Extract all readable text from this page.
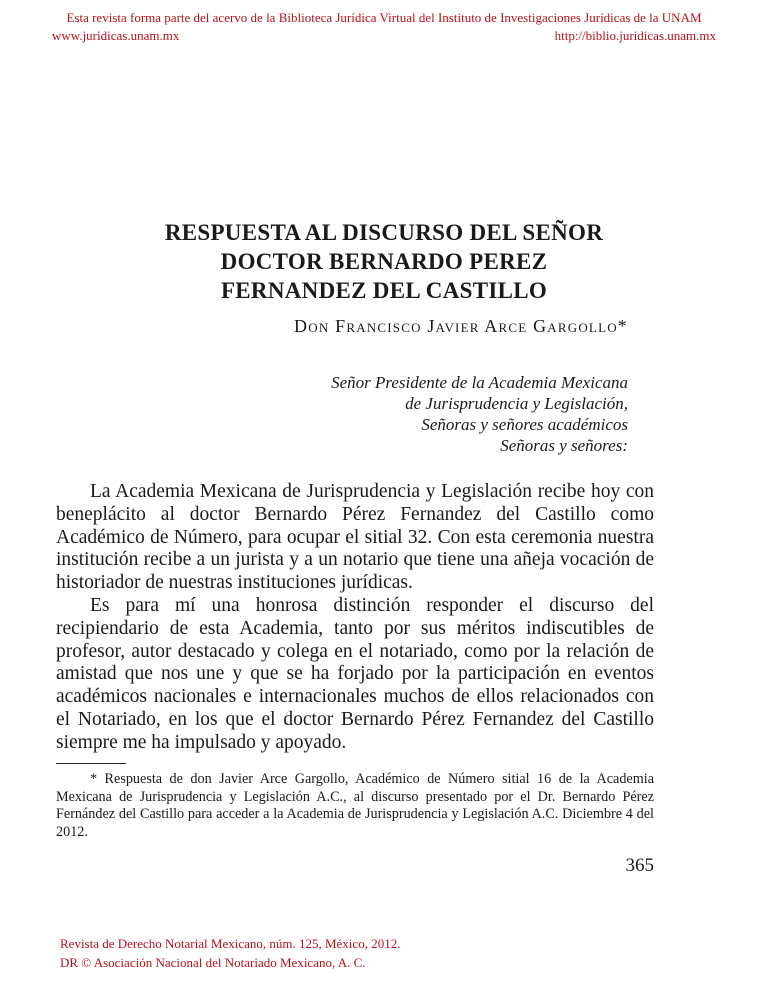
Esta revista forma parte del acervo de la Biblioteca Jurídica Virtual del Instituto de Investigaciones Jurídicas de la UNAM
www.juridicas.unam.mx	http://biblio.juridicas.unam.mx
RESPUESTA AL DISCURSO DEL SEÑOR
DOCTOR BERNARDO PEREZ
FERNANDEZ DEL CASTILLO
Don Francisco Javier Arce Gargollo*
Señor Presidente de la Academia Mexicana
de Jurisprudencia y Legislación,
Señoras y señores académicos
Señoras y señores:

La Academia Mexicana de Jurisprudencia y Legislación recibe hoy con beneplácito al doctor Bernardo Pérez Fernandez del Castillo como Académico de Número, para ocupar el sitial 32. Con esta ceremonia nuestra institución recibe a un jurista y a un notario que tiene una añeja vocación de historiador de nuestras instituciones jurídicas.

Es para mí una honrosa distinción responder el discurso del recipiendario de esta Academia, tanto por sus méritos indiscutibles de profesor, autor destacado y colega en el notariado, como por la relación de amistad que nos une y que se ha forjado por la participación en eventos académicos nacionales e internacionales muchos de ellos relacionados con el Notariado, en los que el doctor Bernardo Pérez Fernandez del Castillo siempre me ha impulsado y apoyado.

* Respuesta de don Javier Arce Gargollo, Académico de Número sitial 16 de la Academia Mexicana de Jurisprudencia y Legislación A.C., al discurso presentado por el Dr. Bernardo Pérez Fernández del Castillo para acceder a la Academia de Jurisprudencia y Legislación A.C. Diciembre 4 del 2012.
365
Revista de Derecho Notarial Mexicano, núm. 125, México, 2012.
DR © Asociación Nacional del Notariado Mexicano, A. C.
